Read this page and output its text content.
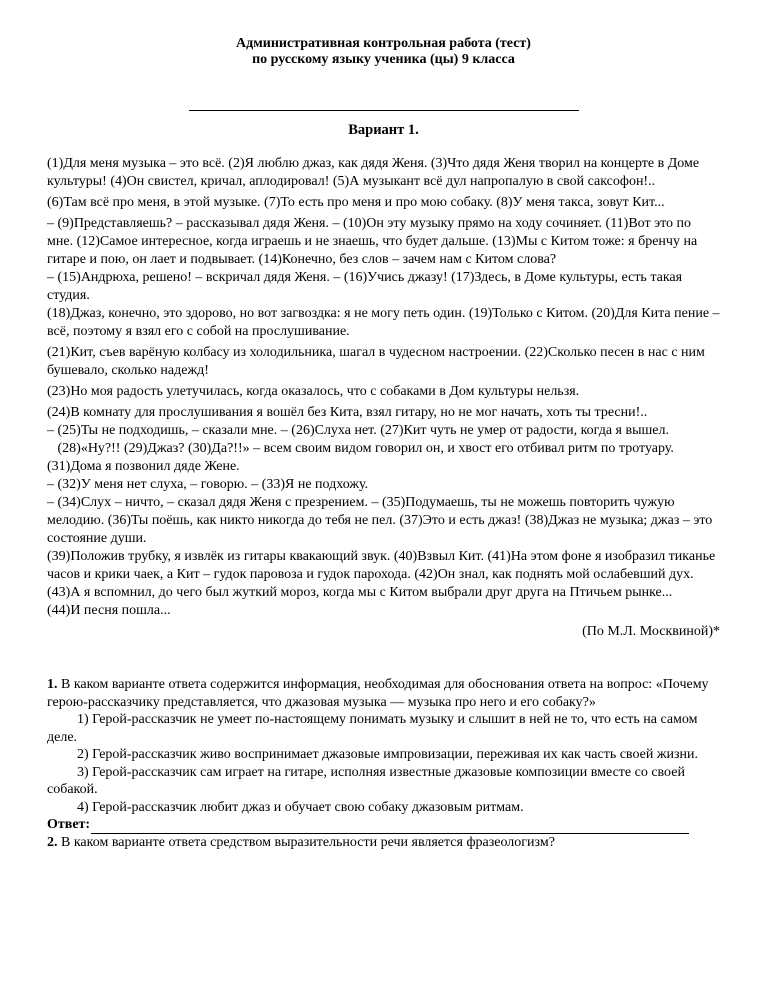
Административная контрольная работа (тест)
по русскому языку ученика (цы) 9 класса
Вариант 1.

(1)Для меня музыка – это всё. (2)Я люблю джаз, как дядя Женя. (3)Что дядя Женя творил на концерте в Доме культуры! (4)Он свистел, кричал, аплодировал! (5)А музыкант всё дул напропалую в свой саксофон!..

(6)Там всё про меня, в этой музыке. (7)То есть про меня и про мою собаку. (8)У меня такса, зовут Кит...

– (9)Представляешь? – рассказывал дядя Женя. – (10)Он эту музыку прямо на ходу сочиняет. (11)Вот это по мне. (12)Самое интересное, когда играешь и не знаешь, что будет дальше. (13)Мы с Китом тоже: я бренчу на гитаре и пою, он лает и подвывает. (14)Конечно, без слов – зачем нам с Китом слова?

– (15)Андрюха, решено! – вскричал дядя Женя. – (16)Учись джазу! (17)Здесь, в Доме культуры, есть такая студия.

(18)Джаз, конечно, это здорово, но вот загвоздка: я не могу петь один. (19)Только с Китом. (20)Для Кита пение – всё, поэтому я взял его с собой на прослушивание.

(21)Кит, съев варёную колбасу из холодильника, шагал в чудесном настроении. (22)Сколько песен в нас с ним бушевало, сколько надежд!

(23)Но моя радость улетучилась, когда оказалось, что с собаками в Дом культуры нельзя.

(24)В комнату для прослушивания я вошёл без Кита, взял гитару, но не мог начать, хоть ты тресни!..

– (25)Ты не подходишь, – сказали мне. – (26)Слуха нет. (27)Кит чуть не умер от радости, когда я вышел.

(28)«Ну?!! (29)Джаз? (30)Да?!!» – всем своим видом говорил он, и хвост его отбивал ритм по тротуару. (31)Дома я позвонил дяде Жене.

– (32)У меня нет слуха, – говорю. – (33)Я не подхожу.

– (34)Слух – ничто, – сказал дядя Женя с презрением. – (35)Подумаешь, ты не можешь повторить чужую мелодию. (36)Ты поёшь, как никто никогда до тебя не пел. (37)Это и есть джаз! (38)Джаз не музыка; джаз – это состояние души.

(39)Положив трубку, я извлёк из гитары квакающий звук. (40)Взвыл Кит. (41)На этом фоне я изобразил тиканье часов и крики чаек, а Кит – гудок паровоза и гудок парохода. (42)Он знал, как поднять мой ослабевший дух. (43)А я вспомнил, до чего был жуткий мороз, когда мы с Китом выбрали друг друга на Птичьем рынке...

(44)И песня пошла...

(По М.Л. Москвиной)*

1. В каком варианте ответа содержится информация, необходимая для обоснования ответа на вопрос: «Почему герою-рассказчику представляется, что джазовая музыка — музыка про него и его собаку?»

1) Герой-рассказчик не умеет по-настоящему понимать музыку и слышит в ней не то, что есть на самом деле.

2) Герой-рассказчик живо воспринимает джазовые импровизации, переживая их как часть своей жизни.

3) Герой-рассказчик сам играет на гитаре, исполняя известные джазовые композиции вместе со своей собакой.

4) Герой-рассказчик любит джаз и обучает свою собаку джазовым ритмам.

Ответ:

2. В каком варианте ответа средством выразительности речи является фразеологизм?
